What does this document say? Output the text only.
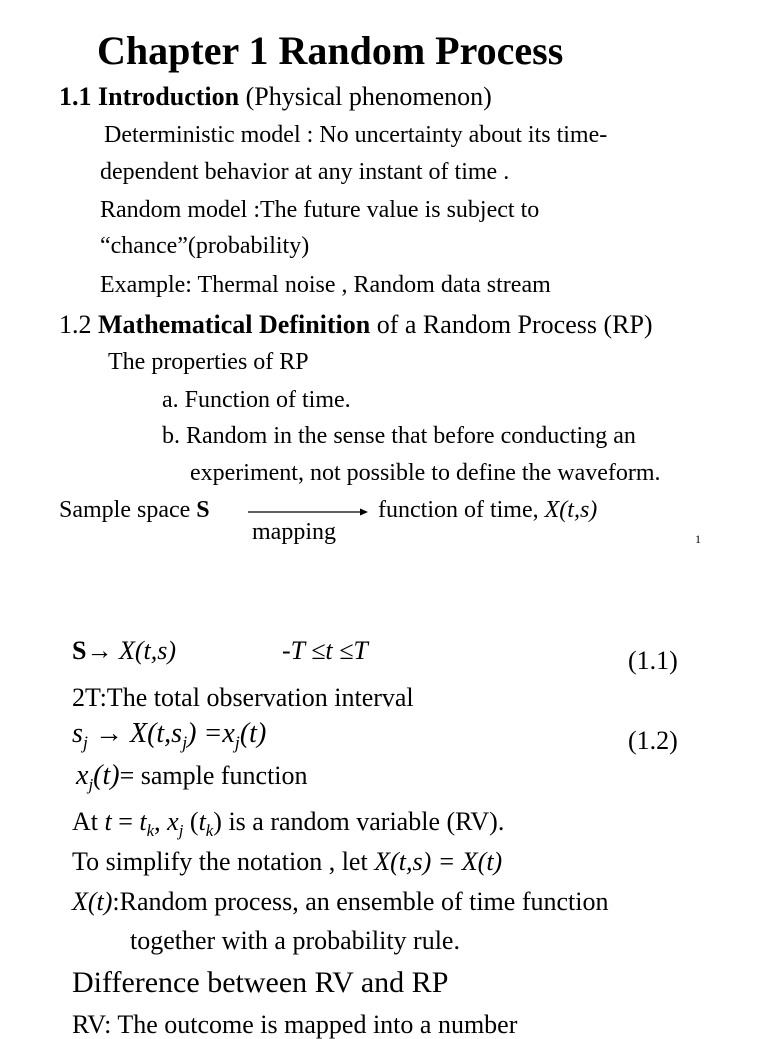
Chapter 1 Random Process
1.1 Introduction (Physical phenomenon)
Deterministic model : No uncertainty about its time-
dependent behavior at any instant of time .
Random model :The future value is subject to
“chance”(probability)
Example: Thermal noise , Random data stream
1.2 Mathematical Definition of a Random Process (RP)
The properties of RP
a. Function of time.
b. Random in the sense that before conducting an
experiment, not possible to define the waveform.
Sample space S
mapping
function of time, X(t,s)
1
S→ X(t,s)	-T ≤t ≤T	(1.1)
2T:The total observation interval
$s_j \to X(t,s_j) =x_j(t)$	(1.2)
$x_j(t)=$ sample function
At $t = t_k$, $x_j$ $(t_k)$ is a random variable (RV).
To simplify the notation , let X(t,s) = X(t)
X(t):Random process, an ensemble of time function
together with a probability rule.
Difference between RV and RP
RV: The outcome is mapped into a number
